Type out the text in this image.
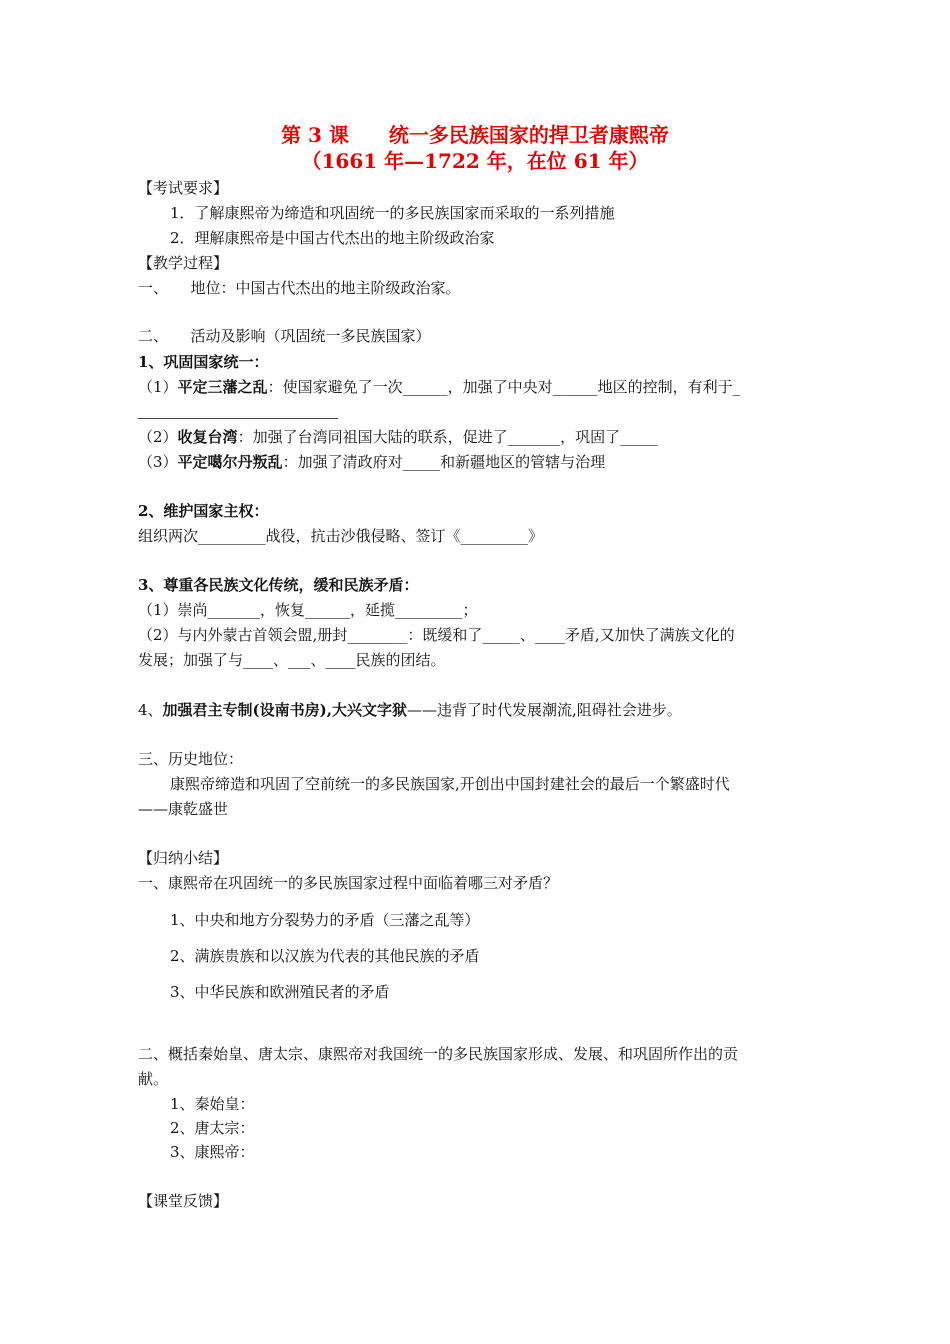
第 3 课　　统一多民族国家的捍卫者康熙帝
（1661 年—1722 年，在位 61 年）
【考试要求】
1．了解康熙帝为缔造和巩固统一的多民族国家而采取的一系列措施
2．理解康熙帝是中国古代杰出的地主阶级政治家
【教学过程】
一、　　地位：中国古代杰出的地主阶级政治家。
二、　　活动及影响（巩固统一多民族国家）
1、巩固国家统一：
（1）平定三藩之乱：使国家避免了一次______，加强了中央对______地区的控制，有利于_
（2）收复台湾：加强了台湾同祖国大陆的联系，促进了_______，巩固了_____
（3）平定噶尔丹叛乱：加强了清政府对_____和新疆地区的管辖与治理
2、维护国家主权：
组织两次_________战役，抗击沙俄侵略、签订《_________》
3、尊重各民族文化传统，缓和民族矛盾：
（1）崇尚_______，恢复______，延揽_________；
（2）与内外蒙古首领会盟,册封________：既缓和了_____、____矛盾,又加快了满族文化的
发展；加强了与____、___、____民族的团结。
4、加强君主专制(设南书房),大兴文字狱——违背了时代发展潮流,阻碍社会进步。
三、历史地位：
康熙帝缔造和巩固了空前统一的多民族国家,开创出中国封建社会的最后一个繁盛时代
——康乾盛世
【归纳小结】
一、康熙帝在巩固统一的多民族国家过程中面临着哪三对矛盾？
1、中央和地方分裂势力的矛盾（三藩之乱等）
2、满族贵族和以汉族为代表的其他民族的矛盾
3、中华民族和欧洲殖民者的矛盾
二、概括秦始皇、唐太宗、康熙帝对我国统一的多民族国家形成、发展、和巩固所作出的贡
献。
1、秦始皇：
2、唐太宗：
3、康熙帝：
【课堂反馈】
